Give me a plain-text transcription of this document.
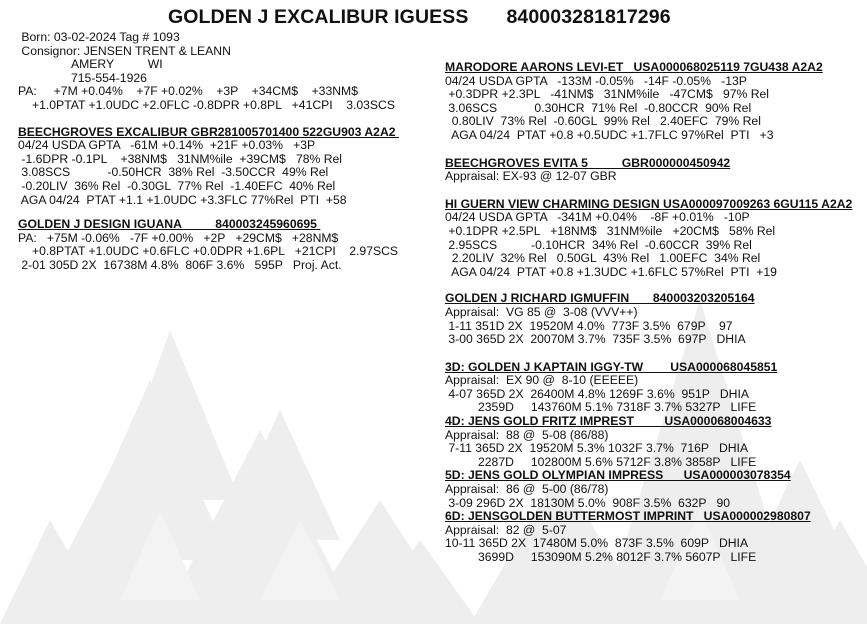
GOLDEN J EXCALIBUR IGUESS 840003281817296
Born: 03-02-2024 Tag # 1093
Consignor: JENSEN TRENT & LEANN
AMERY          WI
715-554-1926
PA:     +7M +0.04%    +7F +0.02%    +3P    +34CM$    +33NM$
+1.0PTAT +1.0UDC +2.0FLC -0.8DPR +0.8PL   +41CPI    3.03SCS
BEECHGROVES EXCALIBUR GBR281005701400 522GU903 A2A2
04/24 USDA GPTA   -61M +0.14%  +21F +0.03%   +3P
-1.6DPR -0.1PL    +38NM$   31NM%ile  +39CM$   78% Rel
3.08SCS           -0.50HCR  38% Rel  -3.50CCR  49% Rel
-0.20LIV  36% Rel  -0.30GL  77% Rel  -1.40EFC  40% Rel
AGA 04/24  PTAT +1.1 +1.0UDC +3.3FLC 77%Rel  PTI  +58
GOLDEN J DESIGN IGUANA          840003245960695
PA:   +75M -0.06%   -7F +0.00%   +2P   +29CM$   +28NM$
+0.8PTAT +1.0UDC +0.6FLC +0.0DPR +1.6PL   +21CPI    2.97SCS
2-01 305D 2X  16738M 4.8%  806F 3.6%   595P   Proj. Act.
MARODORE AARONS LEVI-ET   USA000068025119 7GU438 A2A2
04/24 USDA GPTA   -133M -0.05%   -14F -0.05%   -13P
+0.3DPR +2.3PL   -41NM$   31NM%ile   -47CM$   97% Rel
3.06SCS           0.30HCR  71% Rel  -0.80CCR  90% Rel
0.80LIV  73% Rel  -0.60GL  99% Rel   2.40EFC  79% Rel
AGA 04/24  PTAT +0.8 +0.5UDC +1.7FLC 97%Rel  PTI   +3
BEECHGROVES EVITA 5          GBR000000450942
Appraisal: EX-93 @ 12-07 GBR
HI GUERN VIEW CHARMING DESIGN USA000097009263 6GU115 A2A2
04/24 USDA GPTA   -341M +0.04%    -8F +0.01%   -10P
+0.1DPR +2.5PL   +18NM$   31NM%ile   +20CM$   58% Rel
2.95SCS          -0.10HCR  34% Rel  -0.60CCR  39% Rel
2.20LIV  32% Rel   0.50GL  43% Rel   1.00EFC  34% Rel
AGA 04/24  PTAT +0.8 +1.3UDC +1.6FLC 57%Rel  PTI  +19
GOLDEN J RICHARD IGMUFFIN       840003203205164
Appraisal:  VG 85 @  3-08 (VVV++)
1-11 351D 2X  19520M 4.0%  773F 3.5%  679P    97
3-00 365D 2X  20070M 3.7%  735F 3.5%  697P   DHIA
3D: GOLDEN J KAPTAIN IGGY-TW        USA000068045851
Appraisal:  EX 90 @  8-10 (EEEEE)
4-07 365D 2X  26400M 4.8% 1269F 3.6%  951P   DHIA
2359D     143760M 5.1% 7318F 3.7% 5327P   LIFE
4D: JENS GOLD FRITZ IMPREST         USA000068004633
Appraisal:  88 @  5-08 (86/88)
7-11 365D 2X  19520M 5.3% 1032F 3.7%  716P   DHIA
2287D     102800M 5.6% 5712F 3.8% 3858P   LIFE
5D: JENS GOLD OLYMPIAN IMPRESS      USA000003078354
Appraisal:  86 @  5-00 (86/78)
3-09 296D 2X  18130M 5.0%  908F 3.5%  632P   90
6D: JENSGOLDEN BUTTERMOST IMPRINT   USA000002980807
Appraisal:  82 @  5-07
10-11 365D 2X  17480M 5.0%  873F 3.5%  609P   DHIA
3699D     153090M 5.2% 8012F 3.7% 5607P   LIFE
